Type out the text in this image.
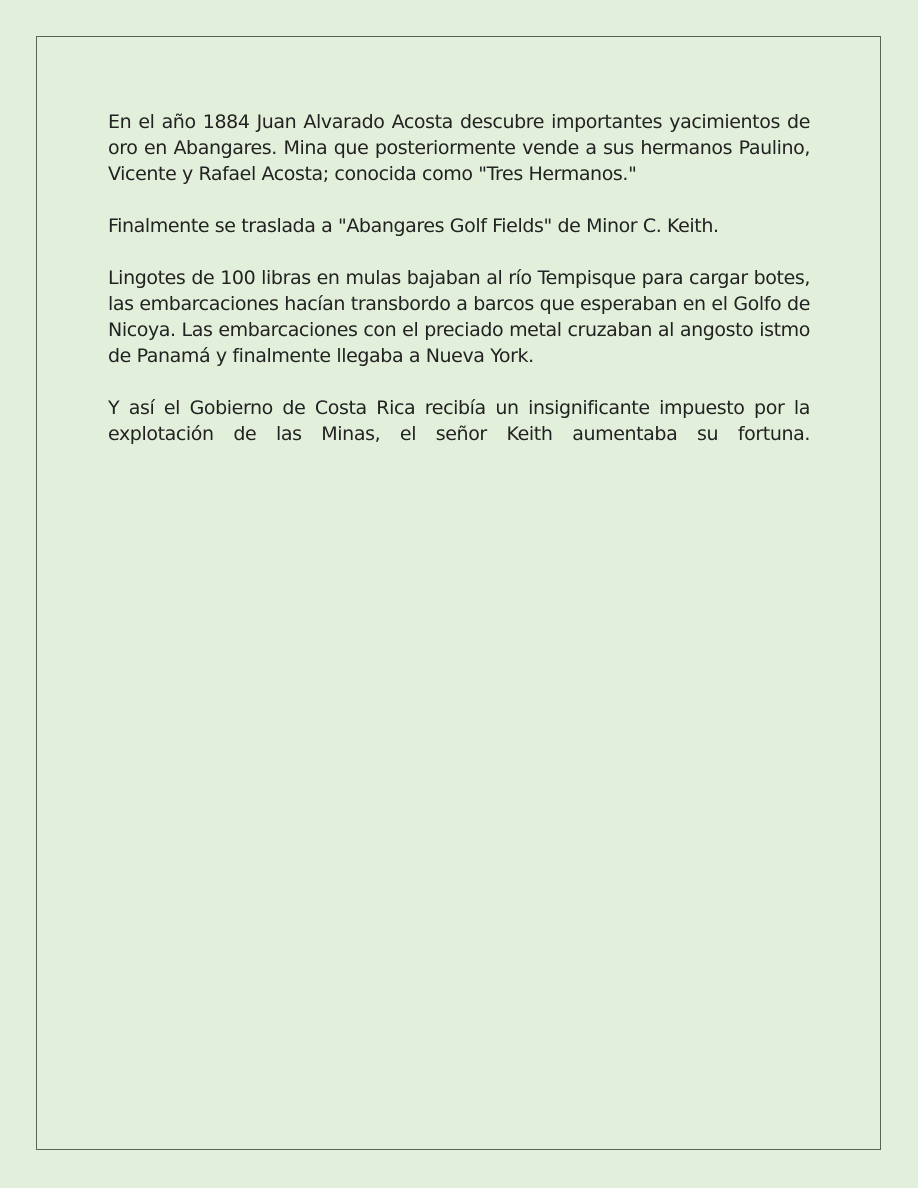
En el año 1884 Juan Alvarado Acosta descubre importantes yacimientos de oro en Abangares. Mina que posteriormente vende a sus hermanos Paulino, Vicente y Rafael Acosta; conocida como "Tres Hermanos."

Finalmente se traslada a "Abangares Golf Fields" de Minor C. Keith.

Lingotes de 100 libras en mulas bajaban al río Tempisque para cargar botes, las embarcaciones hacían transbordo a barcos que esperaban en el Golfo de Nicoya. Las embarcaciones con el preciado metal cruzaban al angosto istmo de Panamá y finalmente llegaba a Nueva York.

Y así el Gobierno de Costa Rica recibía un insignificante impuesto por la explotación de las Minas, el señor Keith aumentaba su fortuna.
